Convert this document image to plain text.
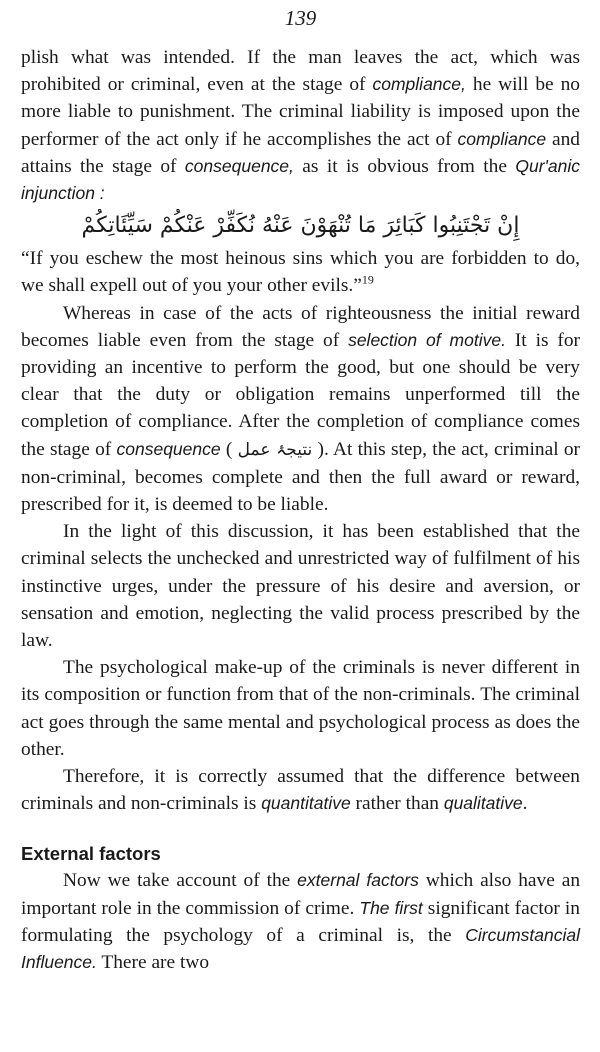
139

plish what was intended. If the man leaves the act, which was prohibited or criminal, even at the stage of compliance, he will be no more liable to punishment. The criminal liability is imposed upon the performer of the act only if he accomplishes the act of compliance and attains the stage of consequence, as it is obvious from the Qur'anic injunction :

إِنْ تَجْتَنِبُوا كَبَائِرَ مَا تُنْهَوْنَ عَنْهُ نُكَفِّرْ عَنْكُمْ سَيِّئَاتِكُمْ

“If you eschew the most heinous sins which you are forbidden to do, we shall expell out of you your other evils.”$^{19}$

Whereas in case of the acts of righteousness the initial reward becomes liable even from the stage of selection of motive. It is for providing an incentive to perform the good, but one should be very clear that the duty or obligation remains unperformed till the completion of compliance. After the completion of compliance comes the stage of consequence ( نتيجۂ عمل ). At this step, the act, criminal or non-criminal, becomes complete and then the full award or reward, prescribed for it, is deemed to be liable.

In the light of this discussion, it has been established that the criminal selects the unchecked and unrestricted way of fulfilment of his instinctive urges, under the pressure of his desire and aversion, or sensation and emotion, neglecting the valid process prescribed by the law.

The psychological make-up of the criminals is never different in its composition or function from that of the non-criminals. The criminal act goes through the same mental and psychological process as does the other.

Therefore, it is correctly assumed that the difference between criminals and non-criminals is quantitative rather than qualitative.

External factors

Now we take account of the external factors which also have an important role in the commission of crime. The first significant factor in formulating the psychology of a criminal is, the Circumstancial Influence. There are two
